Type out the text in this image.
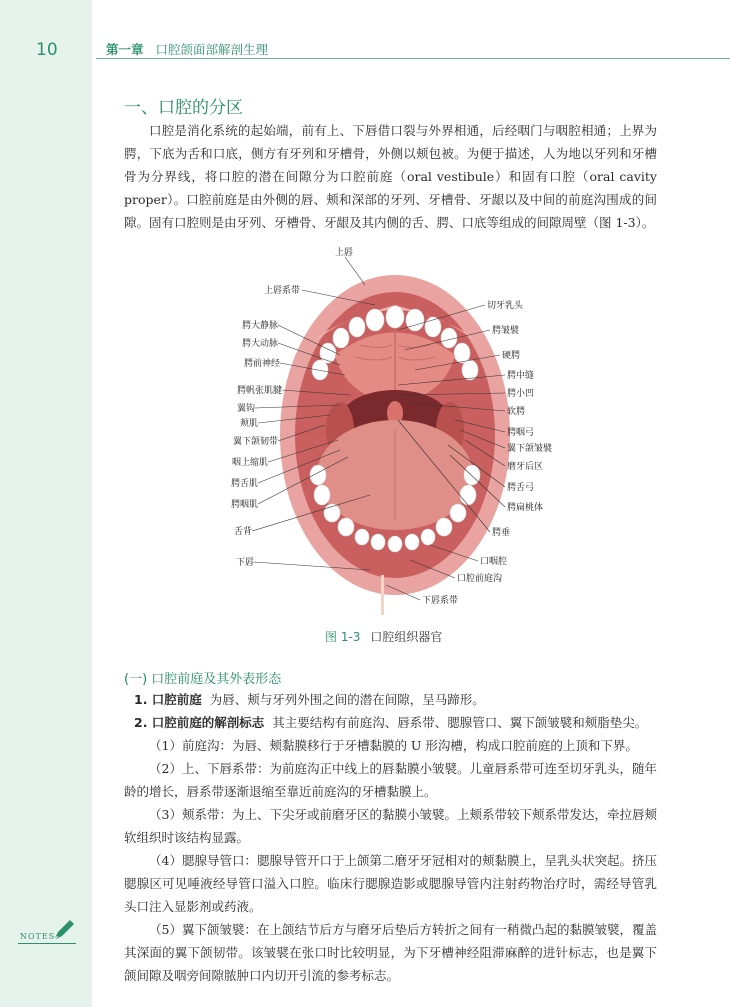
10	第一章 口腔颌面部解剖生理
一、口腔的分区
口腔是消化系统的起始端，前有上、下唇借口裂与外界相通，后经咽门与咽腔相通；上界为腭，下底为舌和口底，侧方有牙列和牙槽骨，外侧以颊包被。为便于描述，人为地以牙列和牙槽骨为分界线，将口腔的潜在间隙分为口腔前庭（oral vestibule）和固有口腔（oral cavity proper）。口腔前庭是由外侧的唇、颊和深部的牙列、牙槽骨、牙龈以及中间的前庭沟围成的间隙。固有口腔则是由牙列、牙槽骨、牙龈及其内侧的舌、腭、口底等组成的间隙周壁（图 1-3）。
上唇
上唇系带
腭大静脉
腭大动脉
腭前神经
腭帆张肌腱
翼钩
颊肌
翼下颌韧带
咽上缩肌
腭舌肌
腭咽肌
舌背
下唇
切牙乳头
腭皱襞
硬腭
腭中缝
腭小凹
软腭
腭咽弓
翼下颌皱襞
磨牙后区
腭舌弓
腭扁桃体
腭垂
口咽腔
口腔前庭沟
下唇系带
图 1-3 口腔组织器官
(一) 口腔前庭及其外表形态
1. 口腔前庭 为唇、颊与牙列外围之间的潜在间隙，呈马蹄形。
2. 口腔前庭的解剖标志 其主要结构有前庭沟、唇系带、腮腺管口、翼下颌皱襞和颊脂垫尖。
（1）前庭沟：为唇、颊黏膜移行于牙槽黏膜的 U 形沟槽，构成口腔前庭的上顶和下界。
（2）上、下唇系带：为前庭沟正中线上的唇黏膜小皱襞。儿童唇系带可连至切牙乳头，随年龄的增长，唇系带逐渐退缩至靠近前庭沟的牙槽黏膜上。
（3）颊系带：为上、下尖牙或前磨牙区的黏膜小皱襞。上颊系带较下颊系带发达，牵拉唇颊软组织时该结构显露。
（4）腮腺导管口：腮腺导管开口于上颌第二磨牙牙冠相对的颊黏膜上，呈乳头状突起。挤压腮腺区可见唾液经导管口溢入口腔。临床行腮腺造影或腮腺导管内注射药物治疗时，需经导管乳头口注入显影剂或药液。
（5）翼下颌皱襞：在上颌结节后方与磨牙后垫后方转折之间有一稍微凸起的黏膜皱襞，覆盖其深面的翼下颌韧带。该皱襞在张口时比较明显，为下牙槽神经阻滞麻醉的进针标志，也是翼下颌间隙及咽旁间隙脓肿口内切开引流的参考标志。
NOTES
